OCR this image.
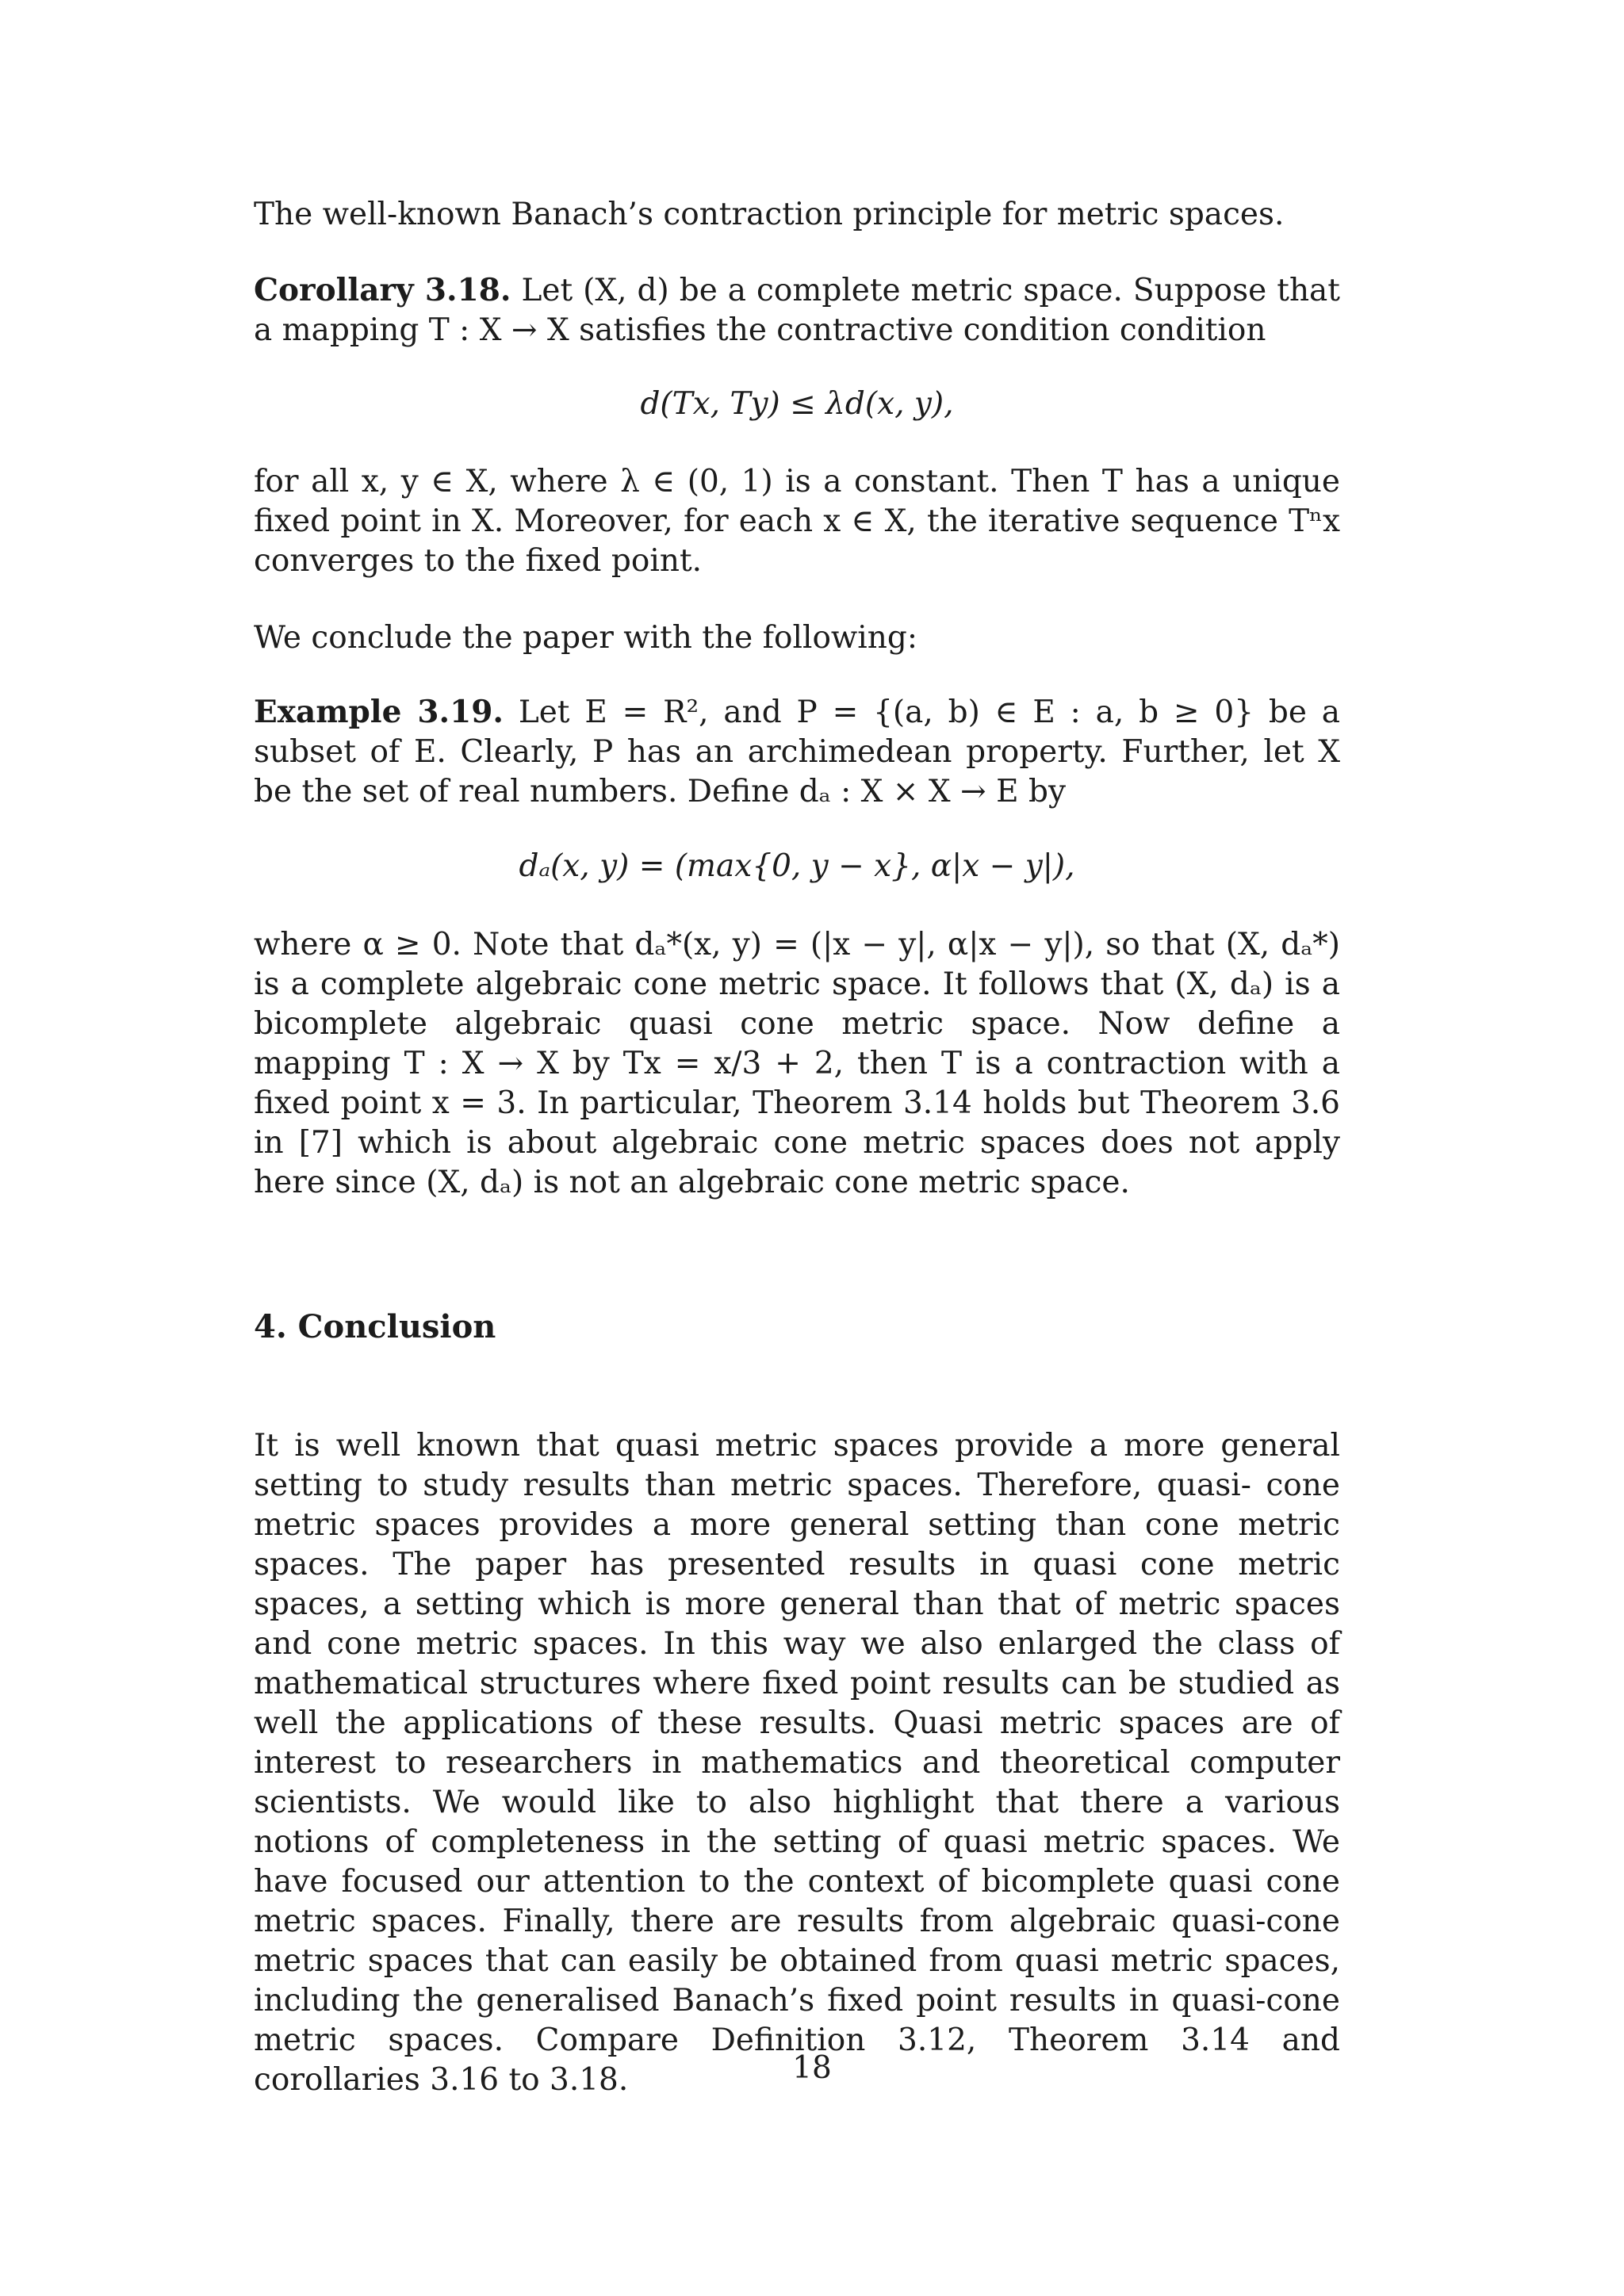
The well-known Banach’s contraction principle for metric spaces.

Corollary 3.18. Let (X, d) be a complete metric space. Suppose that a mapping T : X → X satisfies the contractive condition condition

d(Tx, Ty) ≤ λd(x, y),

for all x, y ∈ X, where λ ∈ (0, 1) is a constant. Then T has a unique fixed point in X. Moreover, for each x ∈ X, the iterative sequence Tⁿx converges to the fixed point.

We conclude the paper with the following:

Example 3.19. Let E = R², and P = {(a, b) ∈ E : a, b ≥ 0} be a subset of E. Clearly, P has an archimedean property. Further, let X be the set of real numbers. Define dₐ : X × X → E by

dₐ(x, y) = (max{0, y − x}, α|x − y|),

where α ≥ 0. Note that dₐ*(x, y) = (|x − y|, α|x − y|), so that (X, dₐ*) is a complete algebraic cone metric space. It follows that (X, dₐ) is a bicomplete algebraic quasi cone metric space. Now define a mapping T : X → X by Tx = x/3 + 2, then T is a contraction with a fixed point x = 3. In particular, Theorem 3.14 holds but Theorem 3.6 in [7] which is about algebraic cone metric spaces does not apply here since (X, dₐ) is not an algebraic cone metric space.

4. Conclusion

It is well known that quasi metric spaces provide a more general setting to study results than metric spaces. Therefore, quasi- cone metric spaces provides a more general setting than cone metric spaces. The paper has presented results in quasi cone metric spaces, a setting which is more general than that of metric spaces and cone metric spaces. In this way we also enlarged the class of mathematical structures where fixed point results can be studied as well the applications of these results. Quasi metric spaces are of interest to researchers in mathematics and theoretical computer scientists. We would like to also highlight that there a various notions of completeness in the setting of quasi metric spaces. We have focused our attention to the context of bicomplete quasi cone metric spaces. Finally, there are results from algebraic quasi-cone metric spaces that can easily be obtained from quasi metric spaces, including the generalised Banach’s fixed point results in quasi-cone metric spaces. Compare Definition 3.12, Theorem 3.14 and corollaries 3.16 to 3.18.	18
